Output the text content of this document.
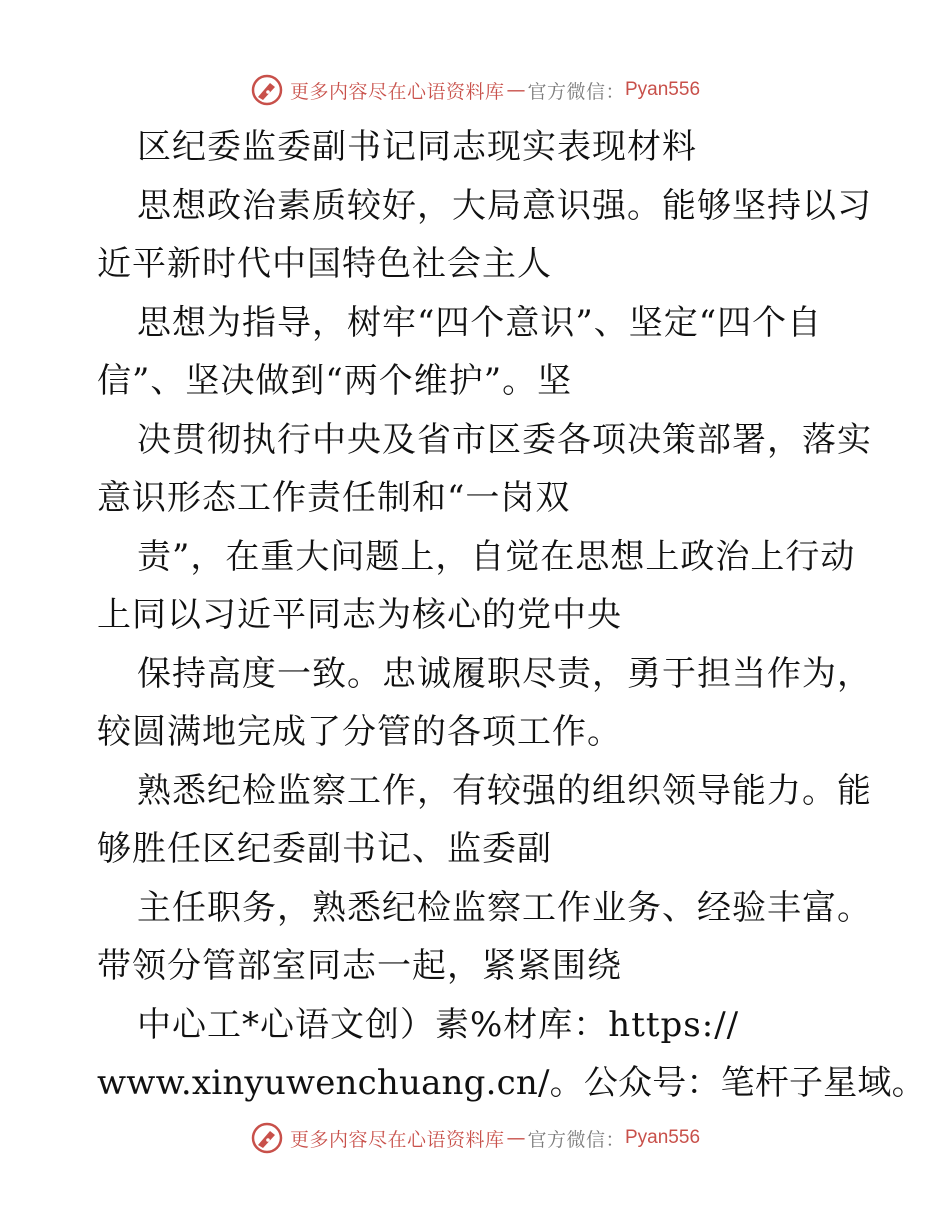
更多内容尽在心语资料库 — 官方微信： Pyan556
区纪委监委副书记同志现实表现材料
思想政治素质较好，大局意识强。能够坚持以习
近平新时代中国特色社会主人
思想为指导，树牢“四个意识”、坚定“四个自
信”、坚决做到“两个维护”。坚
决贯彻执行中央及省市区委各项决策部署，落实
意识形态工作责任制和“一岗双
责”，在重大问题上，自觉在思想上政治上行动
上同以习近平同志为核心的党中央
保持高度一致。忠诚履职尽责，勇于担当作为，
较圆满地完成了分管的各项工作。
熟悉纪检监察工作，有较强的组织领导能力。能
够胜任区纪委副书记、监委副
主任职务，熟悉纪检监察工作业务、经验丰富。
带领分管部室同志一起，紧紧围绕
中心工*心语文创）素%材库：https://
www.xinyuwenchuang.cn/。公众号：笔杆子星域。
更多内容尽在心语资料库 — 官方微信： Pyan556
